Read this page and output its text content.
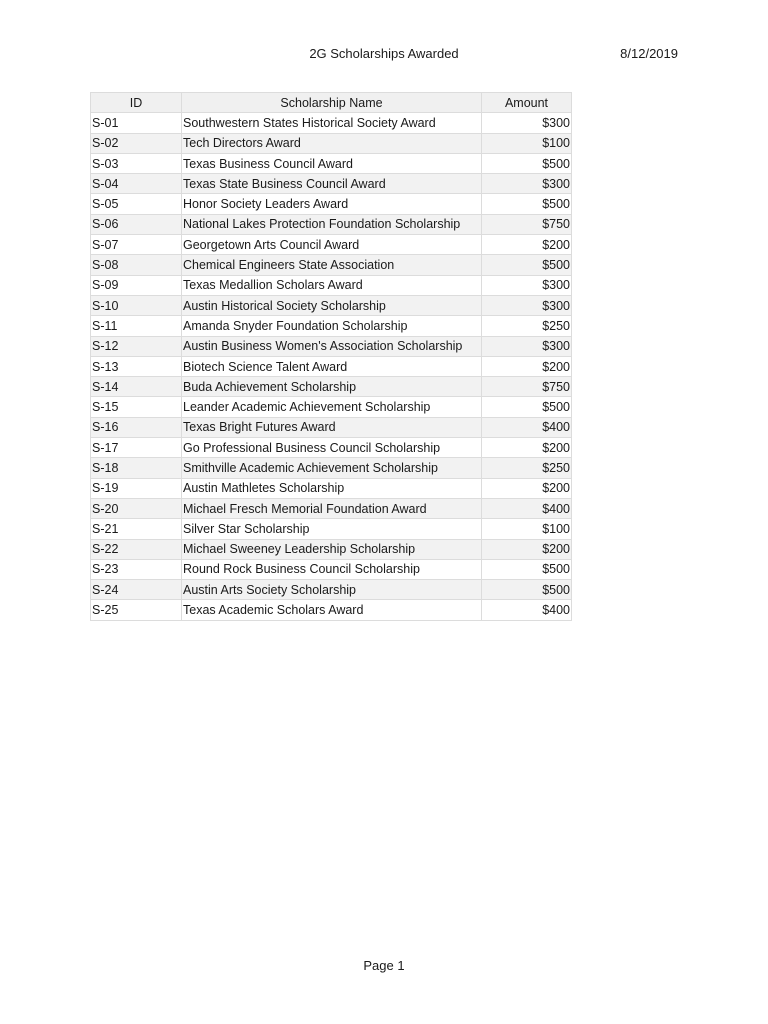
2G Scholarships Awarded	8/12/2019
ID	Scholarship Name	Amount
S-01	Southwestern States Historical Society Award	$300
S-02	Tech Directors Award	$100
S-03	Texas Business Council Award	$500
S-04	Texas State Business Council Award	$300
S-05	Honor Society Leaders Award	$500
S-06	National Lakes Protection Foundation Scholarship	$750
S-07	Georgetown Arts Council Award	$200
S-08	Chemical Engineers State Association	$500
S-09	Texas Medallion Scholars Award	$300
S-10	Austin Historical Society Scholarship	$300
S-11	Amanda Snyder Foundation Scholarship	$250
S-12	Austin Business Women's Association Scholarship	$300
S-13	Biotech Science Talent Award	$200
S-14	Buda Achievement Scholarship	$750
S-15	Leander Academic Achievement Scholarship	$500
S-16	Texas Bright Futures Award	$400
S-17	Go Professional Business Council Scholarship	$200
S-18	Smithville Academic Achievement Scholarship	$250
S-19	Austin Mathletes Scholarship	$200
S-20	Michael Fresch Memorial Foundation Award	$400
S-21	Silver Star Scholarship	$100
S-22	Michael Sweeney Leadership Scholarship	$200
S-23	Round Rock Business Council Scholarship	$500
S-24	Austin Arts Society Scholarship	$500
S-25	Texas Academic Scholars Award	$400
Page 1
